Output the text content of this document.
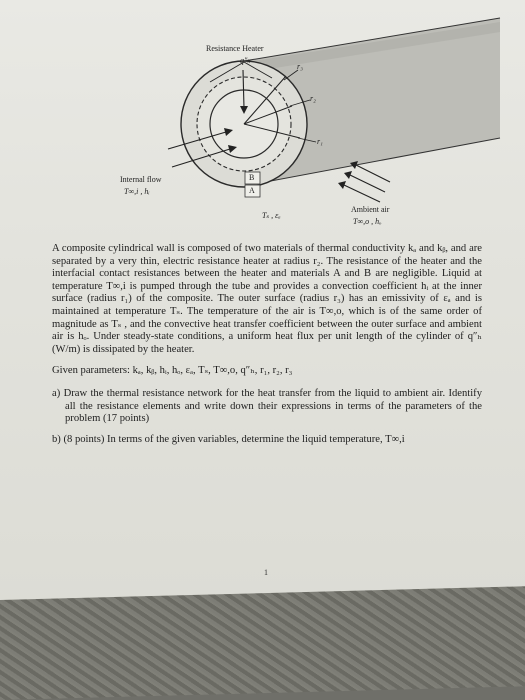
Resistance Heater
q″ₕ
r₃
r₂
r₁
Internal flow
T∞,i , hᵢ
B
A
Tₛ , εₐ
Ambient air
T∞,o , hₒ

A composite cylindrical wall is composed of two materials of thermal conductivity kₐ and kᵦ, and are separated by a very thin, electric resistance heater at radius r₂. The resistance of the heater and the interfacial contact resistances between the heater and materials A and B are negligible. Liquid at temperature T∞,i is pumped through the tube and provides a convection coefficient hᵢ at the inner surface (radius r₁) of the composite. The outer surface (radius r₃) has an emissivity of εₐ and is maintained at temperature Tₛ. The temperature of the air is T∞,o, which is of the same order of magnitude as Tₛ , and the convective heat transfer coefficient between the outer surface and ambient air is hₒ. Under steady-state conditions, a uniform heat flux per unit length of the cylinder of q″ₕ (W/m) is dissipated by the heater.

Given parameters: kₐ, kᵦ, hᵢ, hₒ, εₐ, Tₛ, T∞,o, q″ₕ, r₁, r₂, r₃

a) Draw the thermal resistance network for the heat transfer from the liquid to ambient air. Identify all the resistance elements and write down their expressions in terms of the parameters of the problem (17 points)

b) (8 points) In terms of the given variables, determine the liquid temperature, T∞,i

1
